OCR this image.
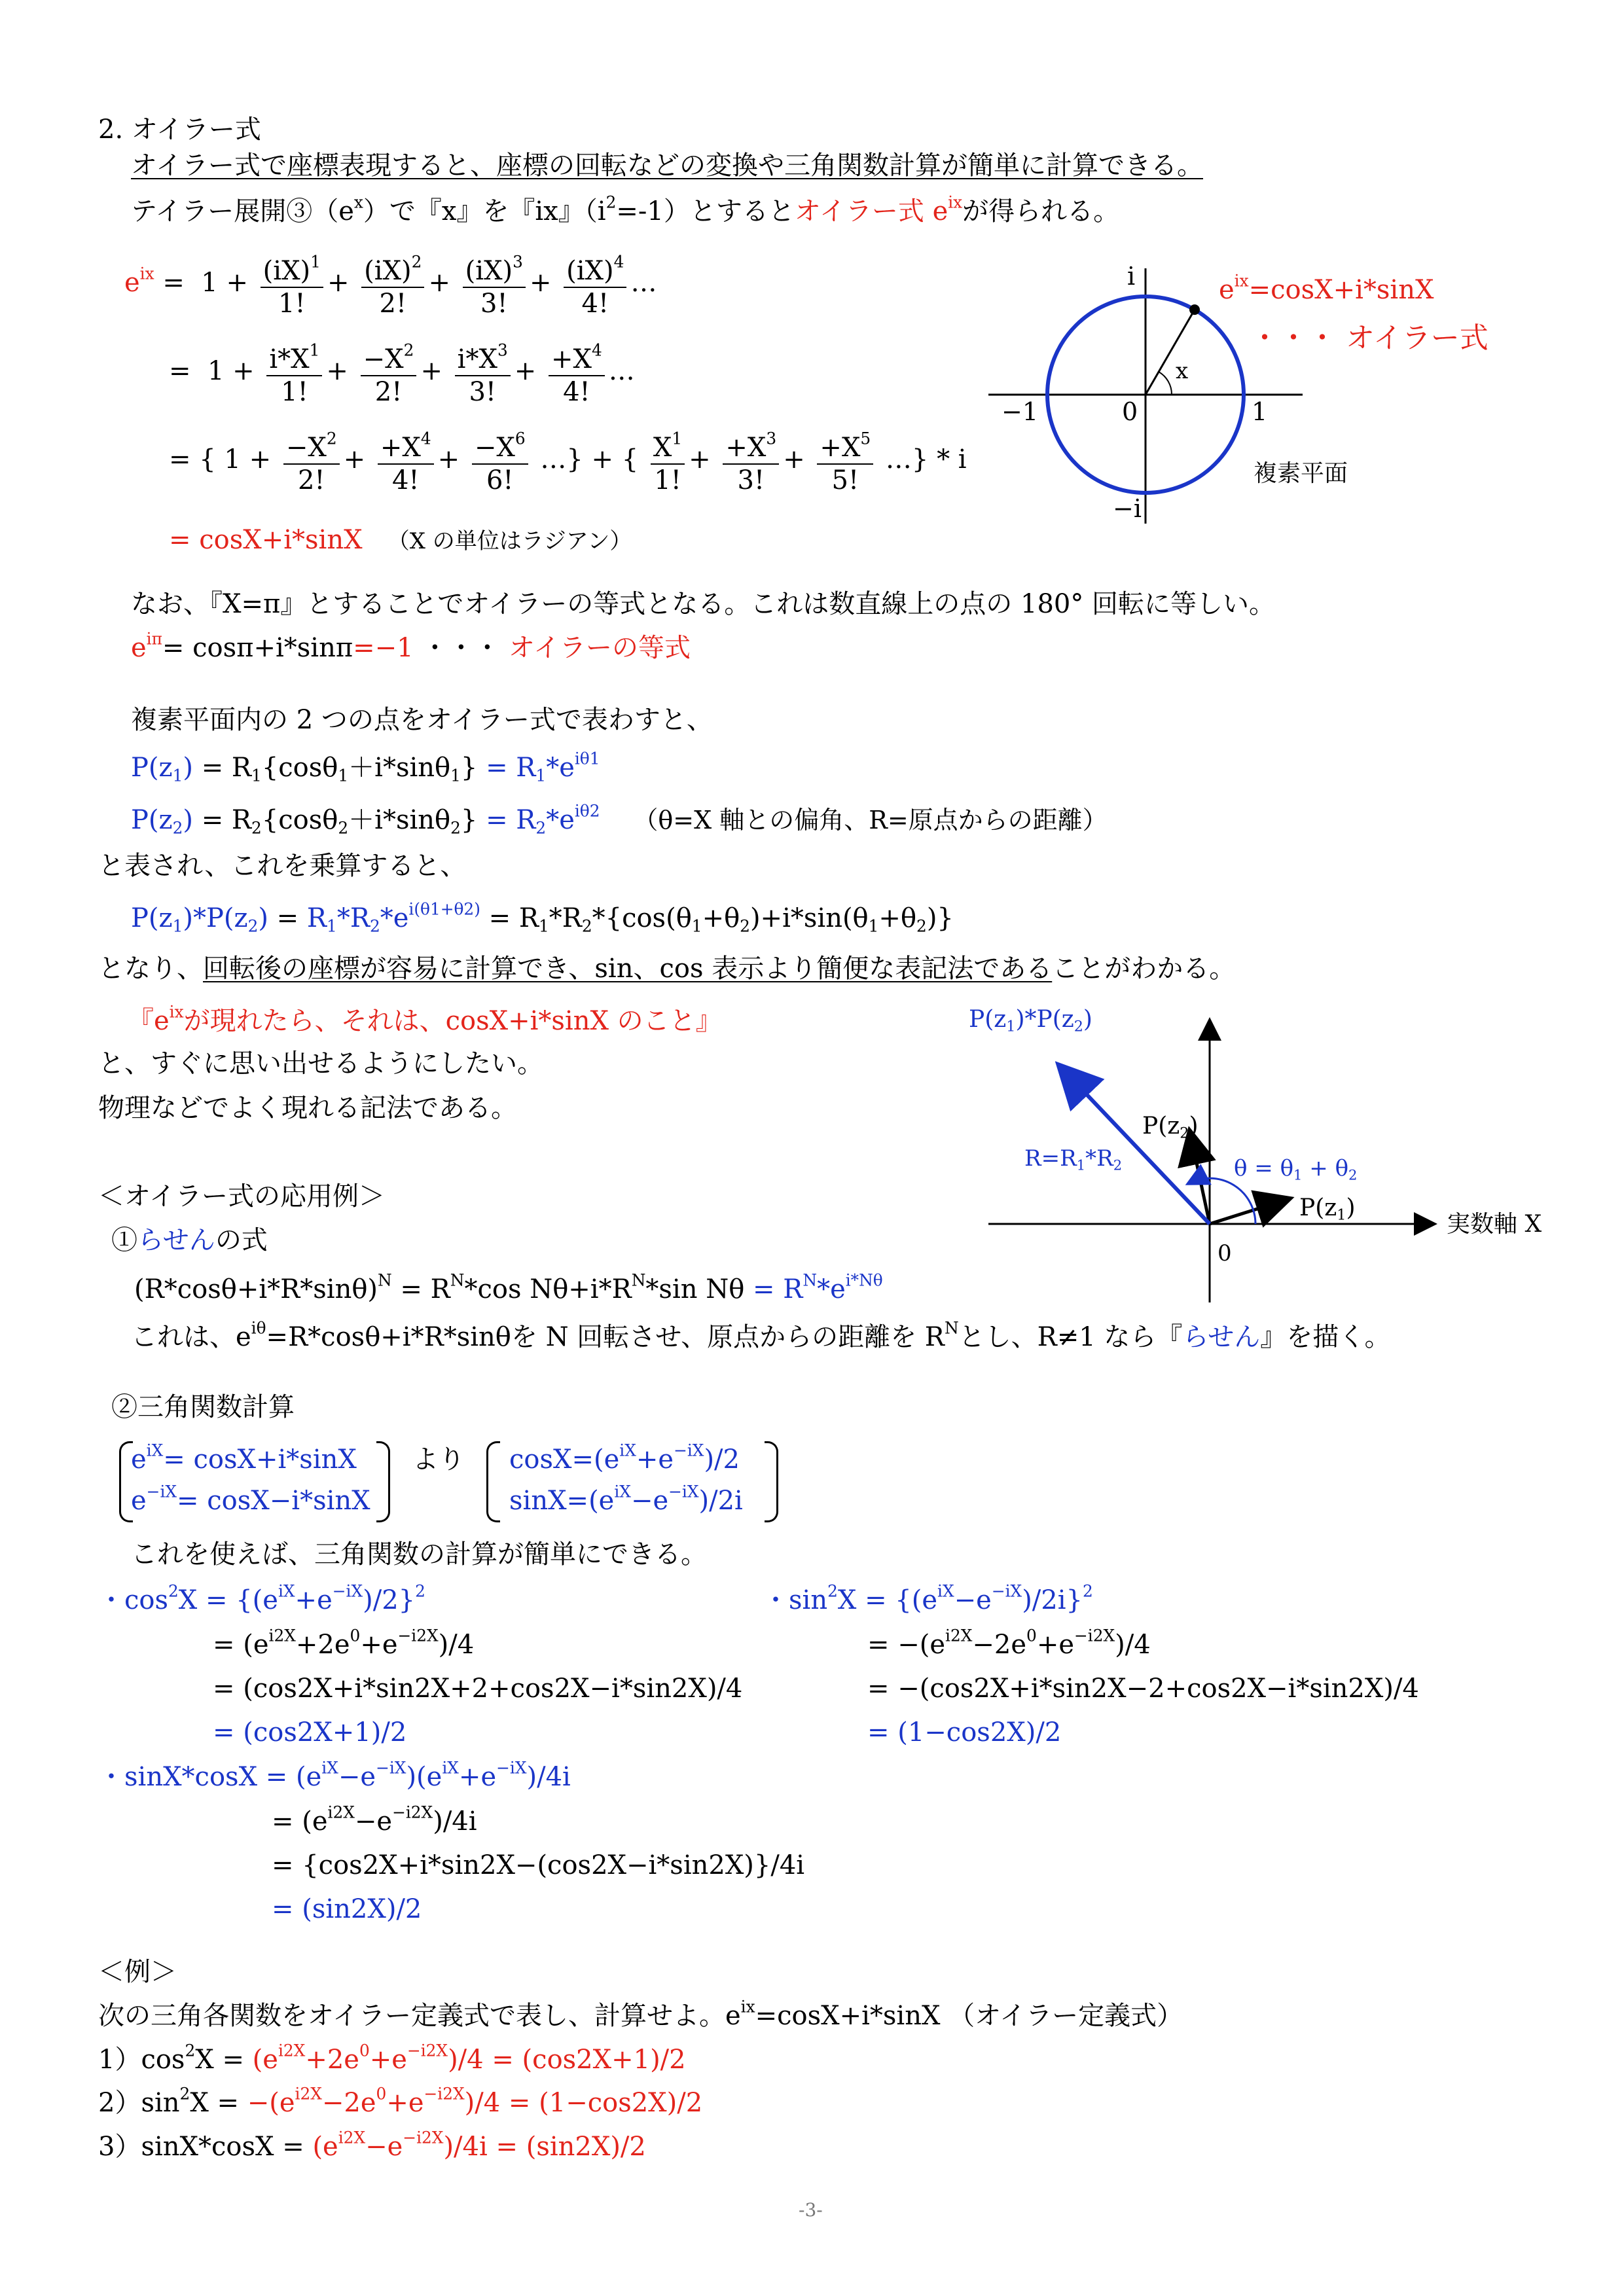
2. オイラー式
オイラー式で座標表現すると、座標の回転などの変換や三角関数計算が簡単に計算できる。
テイラー展開$③(e^x)$で『x』を『ix』$(i^2=-1)$とするとオイラー式 $e^{ix}$が得られる。
$e^{ix} = 1 + \frac{(iX)^1}{1!} + \frac{(iX)^2}{2!} + \frac{(iX)^3}{3!} + \frac{(iX)^4}{4!}$ …
= $1 + \frac{i*X^1}{1!} + \frac{-X^2}{2!} + \frac{i*X^3}{3!} + \frac{+X^4}{4!}$ …
= { $1 + \frac{-X^2}{2!} + \frac{+X^4}{4!} + \frac{-X^6}{6!}$ …} + { $\frac{X^1}{1!} + \frac{+X^3}{3!} + \frac{+X^5}{5!}$ …} * i
= cosX+i*sinX （X の単位はラジアン）
i
−i
−1	1
0
x
複素平面
$e^{ix}=\cos X+i*\sin X$
・・・ オイラー式
なお、『X=π』とすることでオイラーの等式となる。これは数直線上の点の 180° 回転に等しい。
$e^{i\pi}= \cos\pi+i*\sin\pi=-1$ ・・・ オイラーの等式
複素平面内の 2 つの点をオイラー式で表わすと、
$P(z_1) = R_1\{\cos\theta_1+i*\sin\theta_1\} = R_1*e^{i\theta 1}$
$P(z_2) = R_2\{\cos\theta_2+i*\sin\theta_2\} = R_2*e^{i\theta 2}$ （θ=X 軸との偏角、R=原点からの距離）
と表され、これを乗算すると、
$P(z_1)*P(z_2) = R_1*R_2*e^{i(\theta 1+\theta 2)} = R_1*R_2*\{\cos(\theta_1+\theta_2)+i*\sin(\theta_1+\theta_2)\}$
となり、回転後の座標が容易に計算でき、sin、cos 表示より簡便な表記法であることがわかる。
『$e^{ix}$が現れたら、それは、cosX+i*sinX のこと』
と、すぐに思い出せるようにしたい。
物理などでよく現れる記法である。
$P(z_1)*P(z_2)$
$P(z_2)$
$R=R_1*R_2$	$\theta = \theta_1 + \theta_2$
$P(z_1)$
実数軸 X
0
＜オイラー式の応用例＞
①らせんの式
$(R*\cos\theta+i*R*\sin\theta)^N = R^N*\cos$ $N\theta+i*R^N*\sin$ $N\theta = R^N*e^{i*N\theta}$
これは、$e^{i\theta}=R*\cos\theta+i*R*\sin\theta$を N 回転させ、原点からの距離を $R^N$とし、R≠1 なら『らせん』を描く。
②三角関数計算
$e^{iX}= \cos X+i*\sin X$
$e^{-iX}= \cos X-i*\sin X$
より $\cos X=(e^{iX}+e^{-iX})/2$
$\sin X=(e^{iX}-e^{-iX})/2i$
これを使えば、三角関数の計算が簡単にできる。
・$\cos^2X = \{(e^{iX}+e^{-iX})/2\}^2$
= $(e^{i2X}+2e^0+e^{-i2X})/4$
= (cos2X+i*sin2X+2+cos2X−i*sin2X)/4
= (cos2X+1)/2
・$\sin^2X = \{(e^{iX}-e^{-iX})/2i\}^2$
= $-(e^{i2X}-2e^0+e^{-i2X})/4$
= −(cos2X+i*sin2X−2+cos2X−i*sin2X)/4
= (1−cos2X)/2
・$\sin X*\cos X = (e^{iX}-e^{-iX})(e^{iX}+e^{-iX})/4i$
= $(e^{i2X}-e^{-i2X})/4i$
= {cos2X+i*sin2X−(cos2X−i*sin2X)}/4i
= (sin2X)/2
＜例＞
次の三角各関数をオイラー定義式で表し、計算せよ。$e^{ix}=\cos X+i*\sin X$ （オイラー定義式）
$1)\cos^2X = (e^{i2X}+2e^0+e^{-i2X})/4 = (\cos 2X+1)/2$
$2)\sin^2X = -(e^{i2X}-2e^0+e^{-i2X})/4 = (1-\cos 2X)/2$
$3)\sin X*\cos X = (e^{i2X}-e^{-i2X})/4i = (\sin 2X)/2$
-3-
